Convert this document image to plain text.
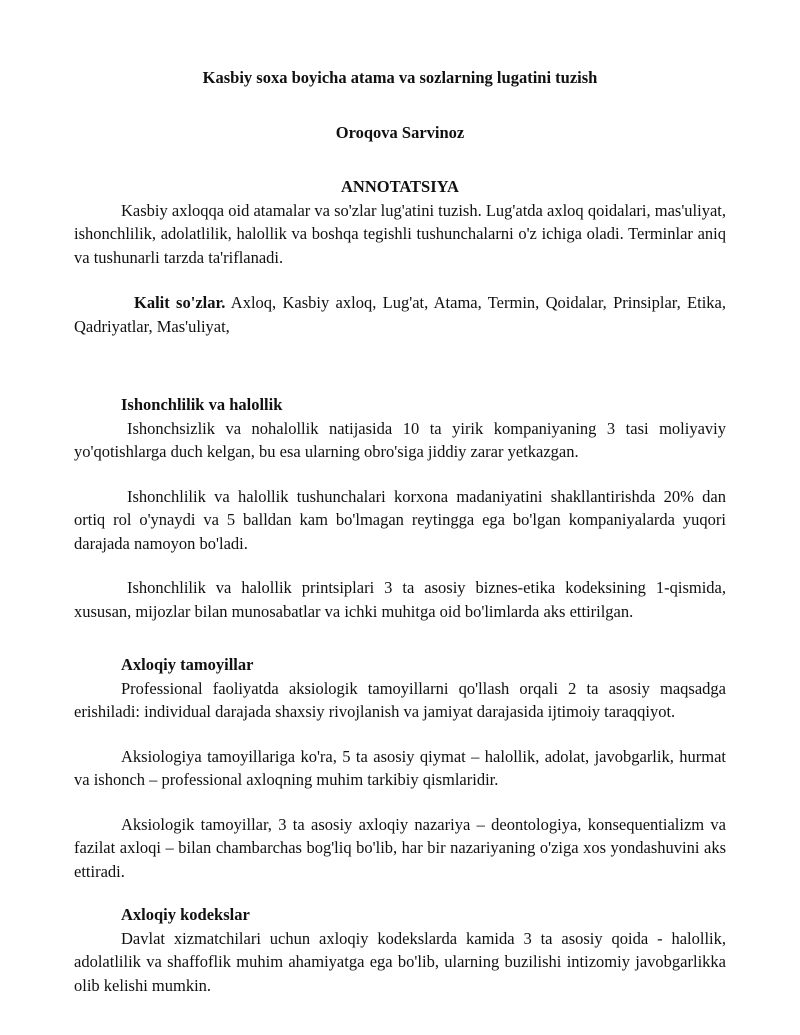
Kasbiy soxa boyicha atama va sozlarning lugatini tuzish

Oroqova Sarvinoz

ANNOTATSIYA

Kasbiy axloqqa oid atamalar va so'zlar lug'atini tuzish. Lug'atda axloq qoidalari, mas'uliyat, ishonchlilik, adolatlilik, halollik va boshqa tegishli tushunchalarni o'z ichiga oladi. Terminlar aniq va tushunarli tarzda ta'riflanadi.

Kalit so'zlar. Axloq, Kasbiy axloq, Lug'at, Atama, Termin, Qoidalar, Prinsiplar, Etika, Qadriyatlar, Mas'uliyat,

Ishonchlilik va halollik

Ishonchsizlik va nohalollik natijasida 10 ta yirik kompaniyaning 3 tasi moliyaviy yo'qotishlarga duch kelgan, bu esa ularning obro'siga jiddiy zarar yetkazgan.

Ishonchlilik va halollik tushunchalari korxona madaniyatini shakllantirishda 20% dan ortiq rol o'ynaydi va 5 balldan kam bo'lmagan reytingga ega bo'lgan kompaniyalarda yuqori darajada namoyon bo'ladi.

Ishonchlilik va halollik printsiplari 3 ta asosiy biznes-etika kodeksining 1-qismida, xususan, mijozlar bilan munosabatlar va ichki muhitga oid bo'limlarda aks ettirilgan.

Axloqiy tamoyillar

Professional faoliyatda aksiologik tamoyillarni qo'llash orqali 2 ta asosiy maqsadga erishiladi: individual darajada shaxsiy rivojlanish va jamiyat darajasida ijtimoiy taraqqiyot.

Aksiologiya tamoyillariga ko'ra, 5 ta asosiy qiymat – halollik, adolat, javobgarlik, hurmat va ishonch – professional axloqning muhim tarkibiy qismlaridir.

Aksiologik tamoyillar, 3 ta asosiy axloqiy nazariya – deontologiya, konsequentializm va fazilat axloqi – bilan chambarchas bog'liq bo'lib, har bir nazariyaning o'ziga xos yondashuvini aks ettiradi.

Axloqiy kodekslar

Davlat xizmatchilari uchun axloqiy kodekslarda kamida 3 ta asosiy qoida - halollik, adolatlilik va shaffoflik muhim ahamiyatga ega bo'lib, ularning buzilishi intizomiy javobgarlikka olib kelishi mumkin.
